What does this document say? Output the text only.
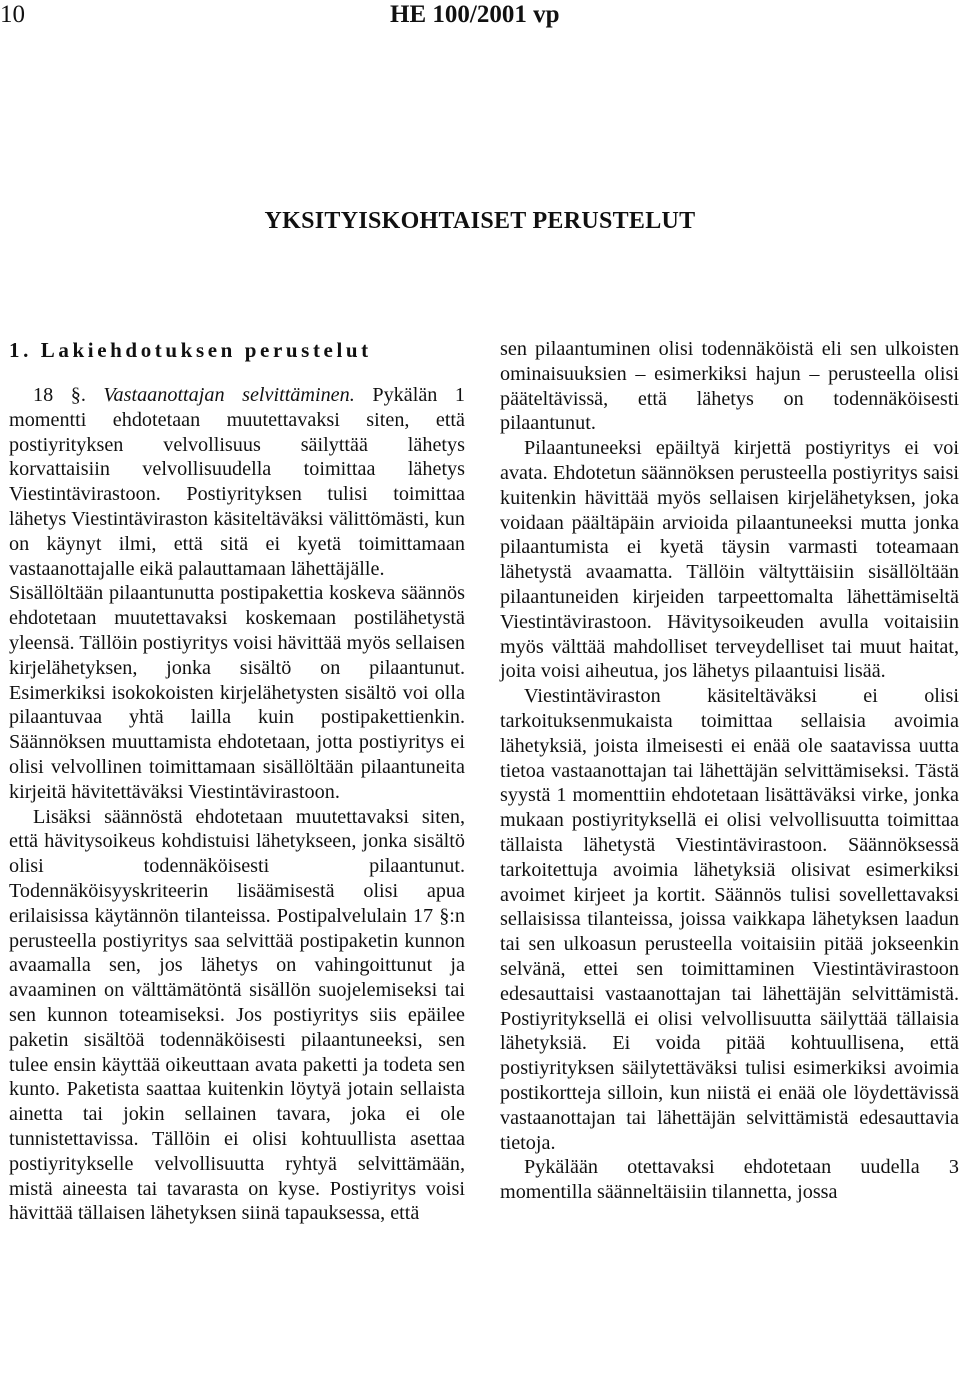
10	HE 100/2001 vp
YKSITYISKOHTAISET PERUSTELUT
1. Lakiehdotuksen perustelut

18 §. Vastaanottajan selvittäminen. Pykälän 1 momentti ehdotetaan muutettavaksi siten, että postiyrityksen velvollisuus säilyttää lähetys korvattaisiin velvollisuudella toimittaa lähetys Viestintävirastoon. Postiyrityksen tulisi toimittaa lähetys Viestintäviraston käsiteltäväksi välittömästi, kun on käynyt ilmi, että sitä ei kyetä toimittamaan vastaanottajalle eikä palauttamaan lähettäjälle.

Sisällöltään pilaantunutta postipakettia koskeva säännös ehdotetaan muutettavaksi koskemaan postilähetystä yleensä. Tällöin postiyritys voisi hävittää myös sellaisen kirjelähetyksen, jonka sisältö on pilaantunut. Esimerkiksi isokokoisten kirjelähetysten sisältö voi olla pilaantuvaa yhtä lailla kuin postipakettienkin. Säännöksen muuttamista ehdotetaan, jotta postiyritys ei olisi velvollinen toimittamaan sisällöltään pilaantuneita kirjeitä hävitettäväksi Viestintävirastoon.

Lisäksi säännöstä ehdotetaan muutettavaksi siten, että hävitysoikeus kohdistuisi lähetykseen, jonka sisältö olisi todennäköisesti pilaantunut. Todennäköisyyskriteerin lisäämisestä olisi apua erilaisissa käytännön tilanteissa. Postipalvelulain 17 §:n perusteella postiyritys saa selvittää postipaketin kunnon avaamalla sen, jos lähetys on vahingoittunut ja avaaminen on välttämätöntä sisällön suojelemiseksi tai sen kunnon toteamiseksi. Jos postiyritys siis epäilee paketin sisältöä todennäköisesti pilaantuneeksi, sen tulee ensin käyttää oikeuttaan avata paketti ja todeta sen kunto. Paketista saattaa kuitenkin löytyä jotain sellaista ainetta tai jokin sellainen tavara, joka ei ole tunnistettavissa. Tällöin ei olisi kohtuullista asettaa postiyritykselle velvollisuutta ryhtyä selvittämään, mistä aineesta tai tavarasta on kyse. Postiyritys voisi hävittää tällaisen lähetyksen siinä tapauksessa, että

sen pilaantuminen olisi todennäköistä eli sen ulkoisten ominaisuuksien – esimerkiksi hajun – perusteella olisi pääteltävissä, että lähetys on todennäköisesti pilaantunut.

Pilaantuneeksi epäiltyä kirjettä postiyritys ei voi avata. Ehdotetun säännöksen perusteella postiyritys saisi kuitenkin hävittää myös sellaisen kirjelähetyksen, joka voidaan päältäpäin arvioida pilaantuneeksi mutta jonka pilaantumista ei kyetä täysin varmasti toteamaan lähetystä avaamatta. Tällöin vältyttäisiin sisällöltään pilaantuneiden kirjeiden tarpeettomalta lähettämiseltä Viestintävirastoon. Hävitysoikeuden avulla voitaisiin myös välttää mahdolliset terveydelliset tai muut haitat, joita voisi aiheutua, jos lähetys pilaantuisi lisää.

Viestintäviraston käsiteltäväksi ei olisi tarkoituksenmukaista toimittaa sellaisia avoimia lähetyksiä, joista ilmeisesti ei enää ole saatavissa uutta tietoa vastaanottajan tai lähettäjän selvittämiseksi. Tästä syystä 1 momenttiin ehdotetaan lisättäväksi virke, jonka mukaan postiyrityksellä ei olisi velvollisuutta toimittaa tällaista lähetystä Viestintävirastoon. Säännöksessä tarkoitettuja avoimia lähetyksiä olisivat esimerkiksi avoimet kirjeet ja kortit. Säännös tulisi sovellettavaksi sellaisissa tilanteissa, joissa vaikkapa lähetyksen laadun tai sen ulkoasun perusteella voitaisiin pitää jokseenkin selvänä, ettei sen toimittaminen Viestintävirastoon edesauttaisi vastaanottajan tai lähettäjän selvittämistä. Postiyrityksellä ei olisi velvollisuutta säilyttää tällaisia lähetyksiä. Ei voida pitää kohtuullisena, että postiyrityksen säilytettäväksi tulisi esimerkiksi avoimia postikortteja silloin, kun niistä ei enää ole löydettävissä vastaanottajan tai lähettäjän selvittämistä edesauttavia tietoja.

Pykälään otettavaksi ehdotetaan uudella 3 momentilla säänneltäisiin tilannetta, jossa
